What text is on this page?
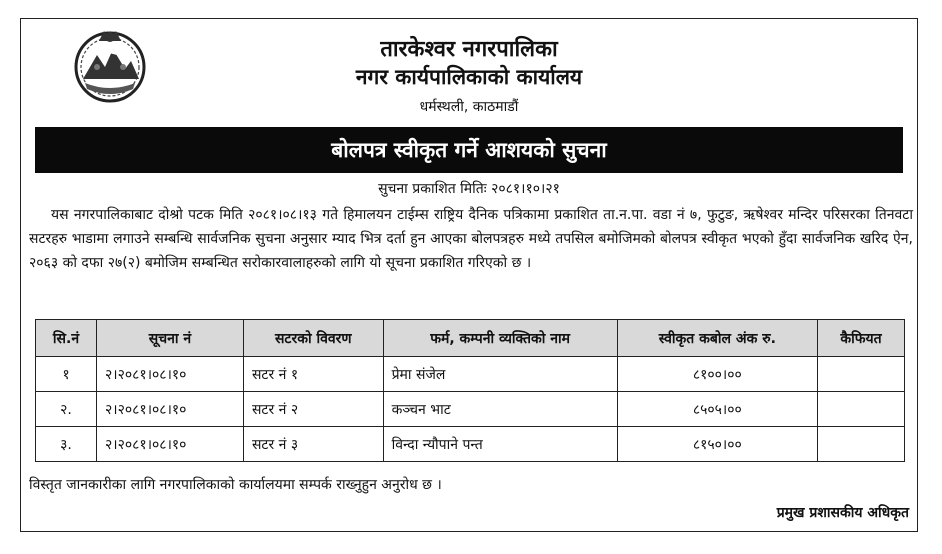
तारकेश्वर नगरपालिका
नगर कार्यपालिकाको कार्यालय
धर्मस्थली, काठमाडौं
बोलपत्र स्वीकृत गर्ने आशयको सुचना
सुचना प्रकाशित मितिः २०८१।१०।२१

यस नगरपालिकाबाट दोश्रो पटक मिति २०८१।०८।१३ गते हिमालयन टाईम्स राष्ट्रिय दैनिक पत्रिकामा प्रकाशित ता.न.पा. वडा नं ७, फुटुङ, ऋषेश्वर मन्दिर परिसरका तिनवटा सटरहरु भाडामा लगाउने सम्बन्धि सार्वजनिक सुचना अनुसार म्याद भित्र दर्ता हुन आएका बोलपत्रहरु मध्ये तपसिल बमोजिमको बोलपत्र स्वीकृत भएको हुँदा सार्वजनिक खरिद ऐन, २०६३ को दफा २७(२) बमोजिम सम्बन्धित सरोकारवालाहरुको लागि यो सूचना प्रकाशित गरिएको छ ।

सि.नं	सूचना नं	सटरको विवरण	फर्म, कम्पनी व्यक्तिको नाम	स्वीकृत कबोल अंक रु.	कैफियत
१	२।२०८१।०८।१०	सटर नं १	प्रेमा संजेल	८१००।००	
२.	२।२०८१।०८।१०	सटर नं २	कञ्चन भाट	८५०५।००	
३.	२।२०८१।०८।१०	सटर नं ३	विन्दा न्यौपाने पन्त	८१५०।००	
विस्तृत जानकारीका लागि नगरपालिकाको कार्यालयमा सम्पर्क राख्नुहुन अनुरोध छ ।
प्रमुख प्रशासकीय अधिकृत
